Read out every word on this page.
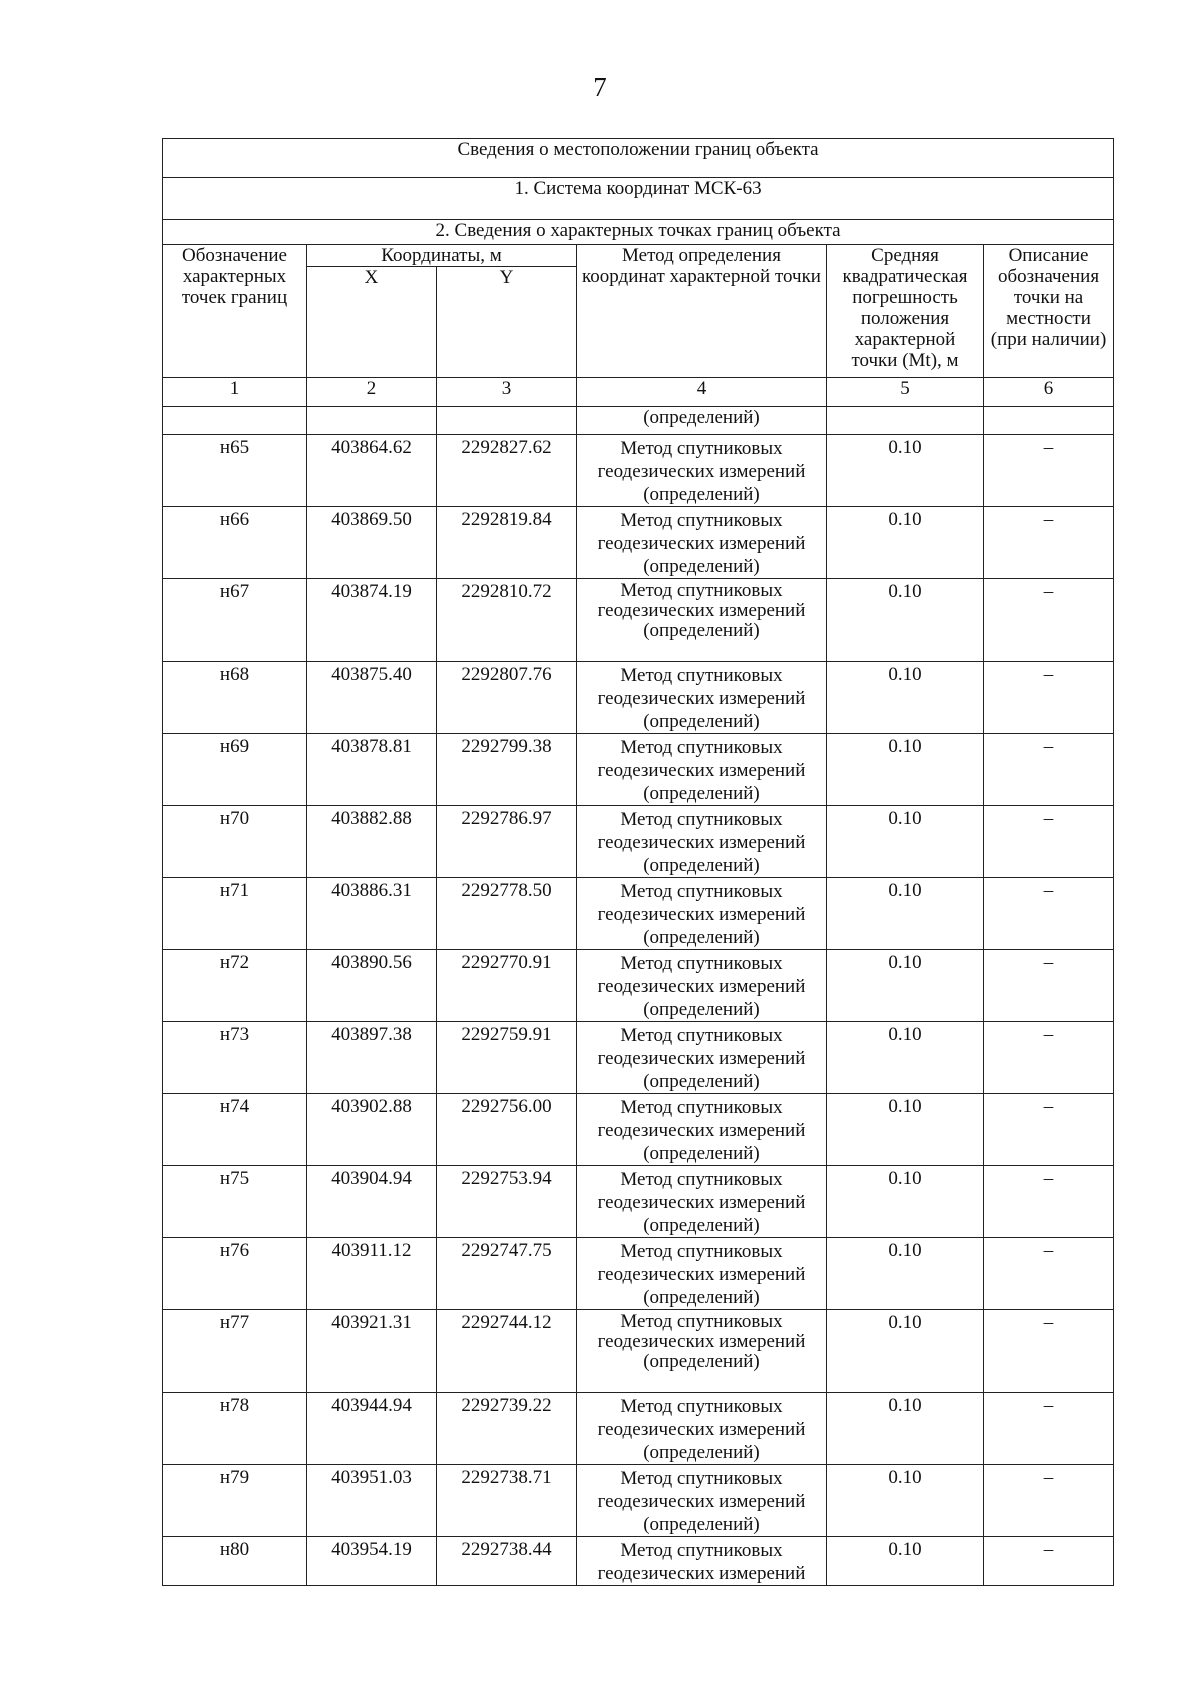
7
Сведения о местоположении границ объекта					
1. Система координат МСК-63					
2. Сведения о характерных точках границ объекта					
Обозначение характерных точек границ	Координаты, м		Метод определения координат характерной точки	Средняя квадратическая погрешность положения характерной точки (Mt), м	Описание обозначения точки на местности (при наличии)
	X	Y			
1	2	3	4	5	6
			(определений)		
н65	403864.62	2292827.62	Метод спутниковых геодезических измерений (определений)	0.10	–
н66	403869.50	2292819.84	Метод спутниковых геодезических измерений (определений)	0.10	–
н67	403874.19	2292810.72	Метод спутниковых геодезических измерений (определений)	0.10	–
н68	403875.40	2292807.76	Метод спутниковых геодезических измерений (определений)	0.10	–
н69	403878.81	2292799.38	Метод спутниковых геодезических измерений (определений)	0.10	–
н70	403882.88	2292786.97	Метод спутниковых геодезических измерений (определений)	0.10	–
н71	403886.31	2292778.50	Метод спутниковых геодезических измерений (определений)	0.10	–
н72	403890.56	2292770.91	Метод спутниковых геодезических измерений (определений)	0.10	–
н73	403897.38	2292759.91	Метод спутниковых геодезических измерений (определений)	0.10	–
н74	403902.88	2292756.00	Метод спутниковых геодезических измерений (определений)	0.10	–
н75	403904.94	2292753.94	Метод спутниковых геодезических измерений (определений)	0.10	–
н76	403911.12	2292747.75	Метод спутниковых геодезических измерений (определений)	0.10	–
н77	403921.31	2292744.12	Метод спутниковых геодезических измерений (определений)	0.10	–
н78	403944.94	2292739.22	Метод спутниковых геодезических измерений (определений)	0.10	–
н79	403951.03	2292738.71	Метод спутниковых геодезических измерений (определений)	0.10	–
н80	403954.19	2292738.44	Метод спутниковых геодезических измерений	0.10	–
